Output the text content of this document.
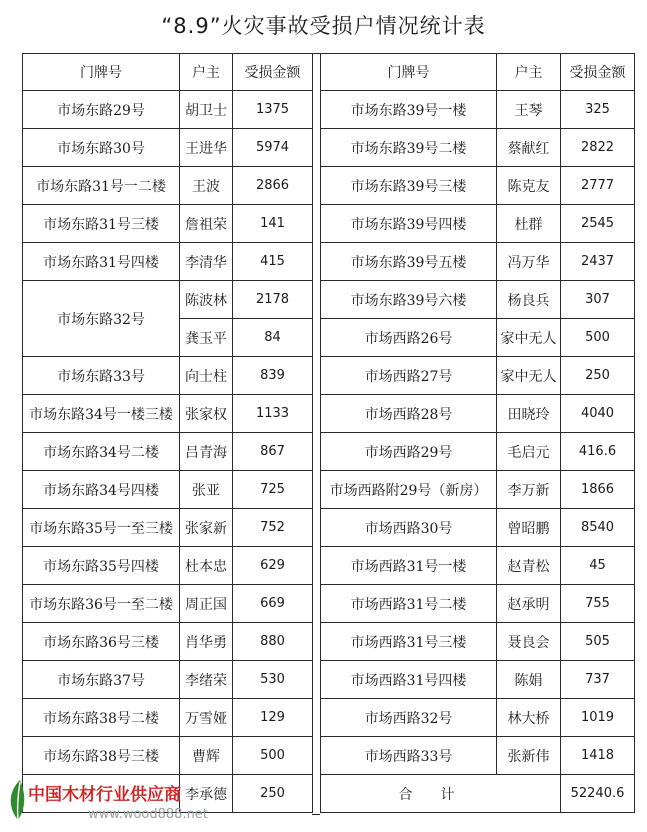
“8.9”火灾事故受损户情况统计表
门牌号	户主	受损金额
市场东路29号	胡卫士	1375
市场东路30号	王进华	5974
市场东路31号一二楼	王波	2866
市场东路31号三楼	詹祖荣	141
市场东路31号四楼	李清华	415
市场东路32号	陈波林	2178
	龚玉平	84
市场东路33号	向士柱	839
市场东路34号一楼三楼	张家权	1133
市场东路34号二楼	吕青海	867
市场东路34号四楼	张亚	725
市场东路35号一至三楼	张家新	752
市场东路35号四楼	杜本忠	629
市场东路36号一至二楼	周正国	669
市场东路36号三楼	肖华勇	880
市场东路37号	李绪荣	530
市场东路38号二楼	万雪娅	129
市场东路38号三楼	曹辉	500
	李承德	250
门牌号	户主	受损金额
市场东路39号一楼	王琴	325
市场东路39号二楼	蔡献红	2822
市场东路39号三楼	陈克友	2777
市场东路39号四楼	杜群	2545
市场东路39号五楼	冯万华	2437
市场东路39号六楼	杨良兵	307
市场西路26号	家中无人	500
市场西路27号	家中无人	250
市场西路28号	田晓玲	4040
市场西路29号	毛启元	416.6
市场西路附29号（新房）	李万新	1866
市场西路30号	曾昭鹏	8540
市场西路31号一楼	赵青松	45
市场西路31号二楼	赵承明	755
市场西路31号三楼	聂良会	505
市场西路31号四楼	陈娟	737
市场西路32号	林大桥	1019
市场西路33号	张新伟	1418
合计		52240.6
中国木材行业供应商
www.wood888.net
